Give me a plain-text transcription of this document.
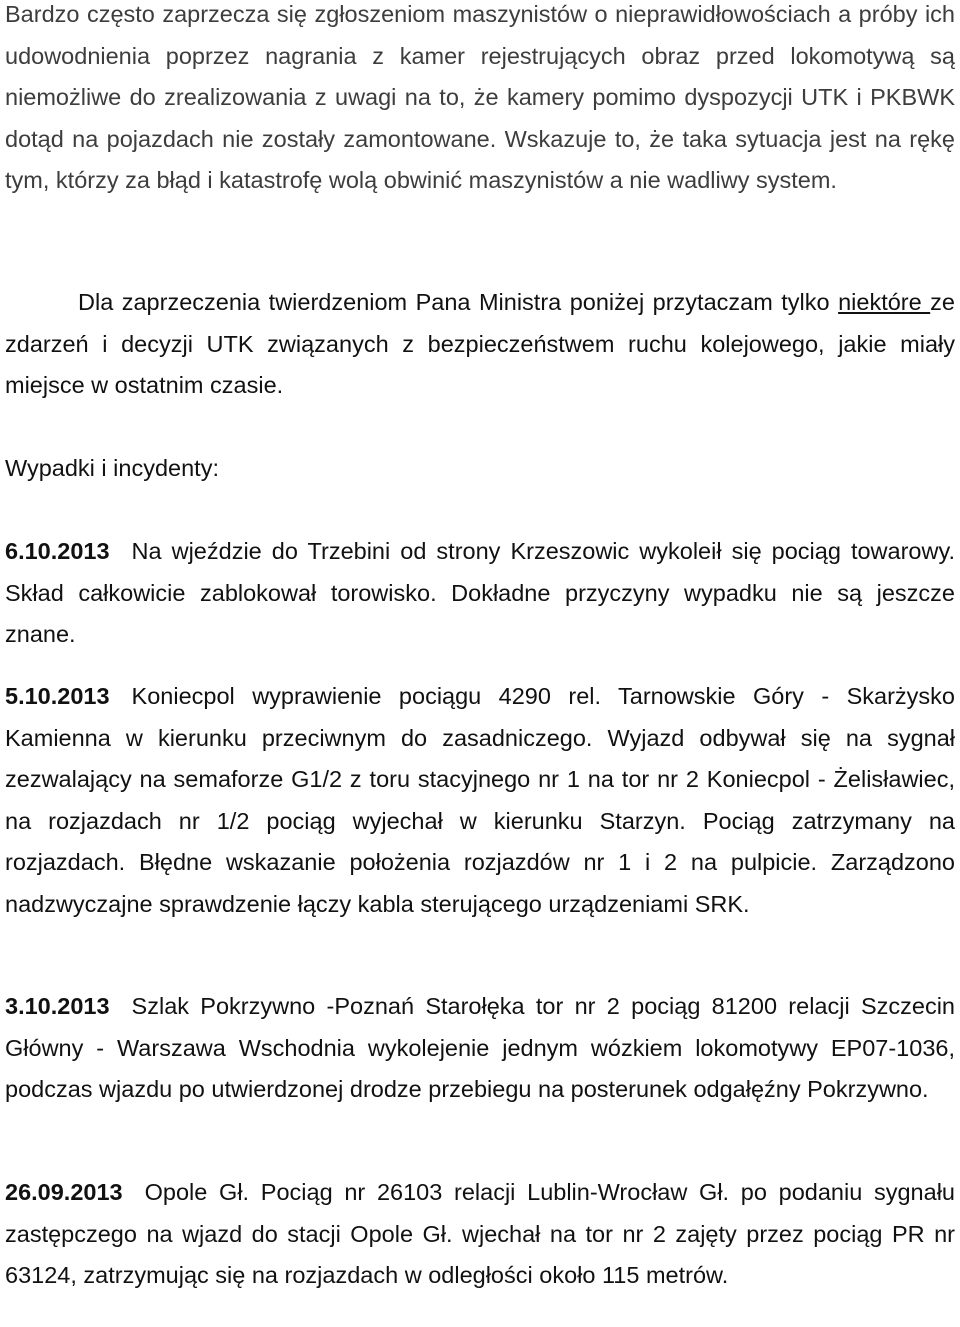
Bardzo często zaprzecza się zgłoszeniom maszynistów o nieprawidłowościach a próby ich udowodnienia poprzez nagrania z kamer rejestrujących obraz przed lokomotywą są niemożliwe do zrealizowania z uwagi na to, że kamery pomimo dyspozycji UTK i PKBWK dotąd na pojazdach nie zostały zamontowane. Wskazuje to, że taka sytuacja jest na rękę tym, którzy za błąd i katastrofę wolą obwinić maszynistów a nie wadliwy system.

Dla zaprzeczenia twierdzeniom Pana Ministra poniżej przytaczam tylko niektóre ze zdarzeń i decyzji UTK związanych z bezpieczeństwem ruchu kolejowego, jakie miały miejsce w ostatnim czasie.

Wypadki i incydenty:

6.10.2013 Na wjeździe do Trzebini od strony Krzeszowic wykoleił się pociąg towarowy. Skład całkowicie zablokował torowisko. Dokładne przyczyny wypadku nie są jeszcze znane.

5.10.2013 Koniecpol wyprawienie pociągu 4290 rel. Tarnowskie Góry - Skarżysko Kamienna w kierunku przeciwnym do zasadniczego. Wyjazd odbywał się na sygnał zezwalający na semaforze G1/2 z toru stacyjnego nr 1 na tor nr 2 Koniecpol - Żelisławiec, na rozjazdach nr 1/2 pociąg wyjechał w kierunku Starzyn. Pociąg zatrzymany na rozjazdach. Błędne wskazanie położenia rozjazdów nr 1 i 2 na pulpicie. Zarządzono nadzwyczajne sprawdzenie łączy kabla sterującego urządzeniami SRK.

3.10.2013 Szlak Pokrzywno -Poznań Starołęka tor nr 2 pociąg 81200 relacji Szczecin Główny - Warszawa Wschodnia wykolejenie jednym wózkiem lokomotywy EP07-1036, podczas wjazdu po utwierdzonej drodze przebiegu na posterunek odgałęźny Pokrzywno.

26.09.2013 Opole Gł. Pociąg nr 26103 relacji Lublin-Wrocław Gł. po podaniu sygnału zastępczego na wjazd do stacji Opole Gł. wjechał na tor nr 2 zajęty przez pociąg PR nr 63124, zatrzymując się na rozjazdach w odległości około 115 metrów.
